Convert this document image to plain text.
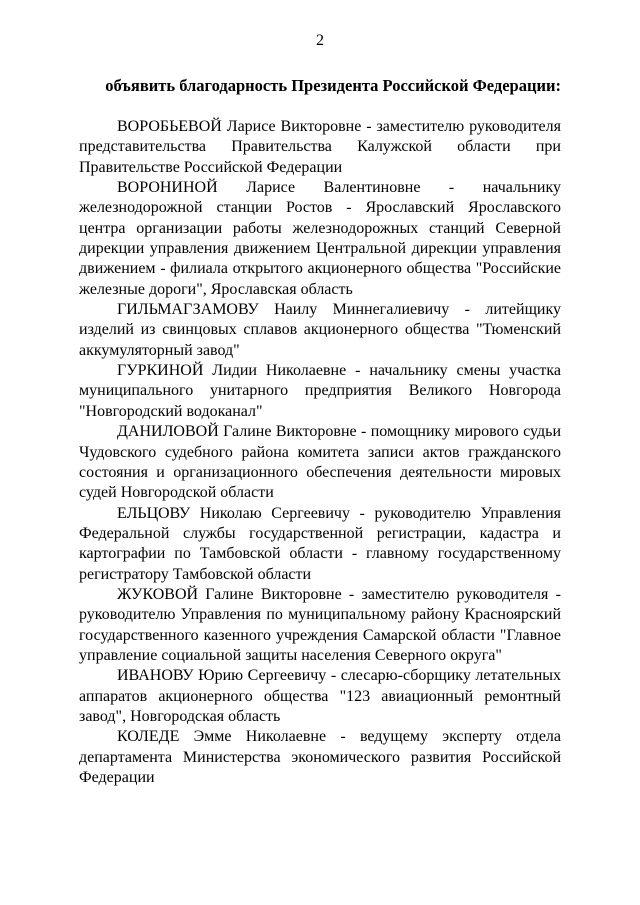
2
объявить благодарность Президента Российской Федерации:

ВОРОБЬЕВОЙ Ларисе Викторовне - заместителю руководителя представительства Правительства Калужской области при Правительстве Российской Федерации

ВОРОНИНОЙ Ларисе Валентиновне - начальнику железнодорожной станции Ростов - Ярославский Ярославского центра организации работы железнодорожных станций Северной дирекции управления движением Центральной дирекции управления движением - филиала открытого акционерного общества "Российские железные дороги", Ярославская область

ГИЛЬМАГЗАМОВУ Наилу Миннегалиевичу - литейщику изделий из свинцовых сплавов акционерного общества "Тюменский аккумуляторный завод"

ГУРКИНОЙ Лидии Николаевне - начальнику смены участка муниципального унитарного предприятия Великого Новгорода "Новгородский водоканал"

ДАНИЛОВОЙ Галине Викторовне - помощнику мирового судьи Чудовского судебного района комитета записи актов гражданского состояния и организационного обеспечения деятельности мировых судей Новгородской области

ЕЛЬЦОВУ Николаю Сергеевичу - руководителю Управления Федеральной службы государственной регистрации, кадастра и картографии по Тамбовской области - главному государственному регистратору Тамбовской области

ЖУКОВОЙ Галине Викторовне - заместителю руководителя - руководителю Управления по муниципальному району Красноярский государственного казенного учреждения Самарской области "Главное управление социальной защиты населения Северного округа"

ИВАНОВУ Юрию Сергеевичу - слесарю-сборщику летательных аппаратов акционерного общества "123 авиационный ремонтный завод", Новгородская область

КОЛЕДЕ Эмме Николаевне - ведущему эксперту отдела департамента Министерства экономического развития Российской Федерации
